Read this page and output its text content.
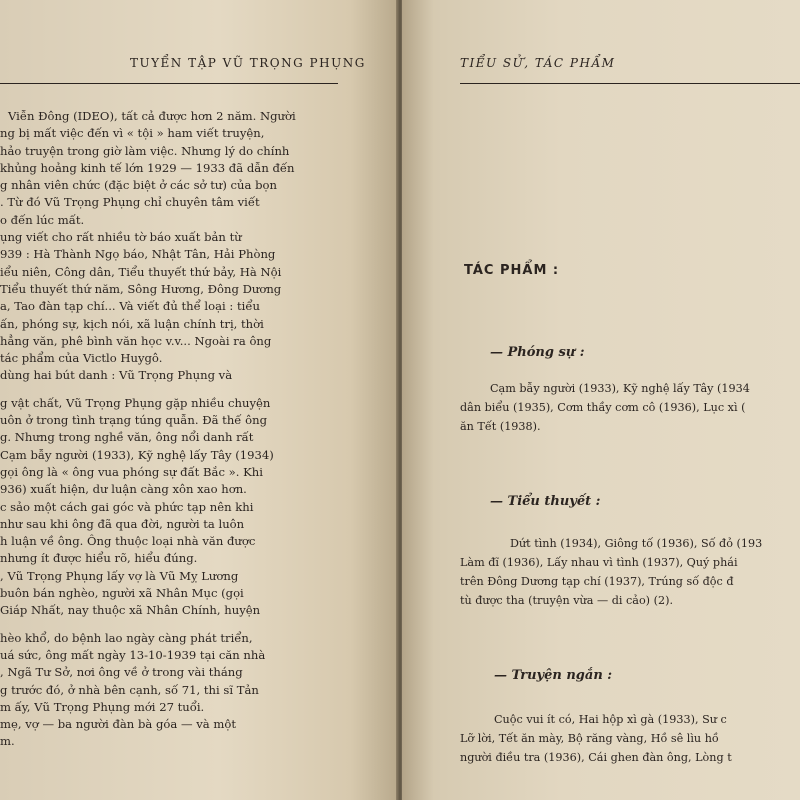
TUYỂN TẬP VŨ TRỌNG PHỤNG
Viễn Đông (IDEO), tất cả được hơn 2 năm. Người
ng bị mất việc đến vì « tội » ham viết truyện,
hảo truyện trong giờ làm việc. Nhưng lý do chính
khủng hoảng kinh tế lớn 1929 — 1933 đã dẫn đến
g nhân viên chức (đặc biệt ở các sở tư) của bọn
. Từ đó Vũ Trọng Phụng chỉ chuyên tâm viết
o đến lúc mất.
ụng viết cho rất nhiều tờ báo xuất bản từ
939 : Hà Thành Ngọ báo, Nhật Tân, Hải Phòng
iểu niên, Công dân, Tiểu thuyết thứ bảy, Hà Nội
Tiểu thuyết thứ năm, Sông Hương, Đông Dương
a, Tao đàn tạp chí... Và viết đủ thể loại : tiểu
ấn, phóng sự, kịch nói, xã luận chính trị, thời
hẳng văn, phê bình văn học v.v... Ngoài ra ông
tác phẩm của Victlo Huygô.
dùng hai bút danh : Vũ Trọng Phụng và
g vật chất, Vũ Trọng Phụng gặp nhiều chuyện
uôn ở trong tình trạng túng quẫn. Đã thế ông
g. Nhưng trong nghề văn, ông nổi danh rất
Cạm bẫy người (1933), Kỹ nghệ lấy Tây (1934)
gọi ông là « ông vua phóng sự đất Bắc ». Khi
936) xuất hiện, dư luận càng xôn xao hơn.
c sảo một cách gai góc và phức tạp nên khi
như sau khi ông đã qua đời, người ta luôn
h luận về ông. Ông thuộc loại nhà văn được
nhưng ít được hiểu rõ, hiểu đúng.
, Vũ Trọng Phụng lấy vợ là Vũ Mỵ Lương
buôn bán nghèo, người xã Nhân Mục (gọi
Giáp Nhất, nay thuộc xã Nhân Chính, huyện
hèo khổ, do bệnh lao ngày càng phát triển,
uá sức, ông mất ngày 13-10-1939 tại căn nhà
, Ngã Tư Sở, nơi ông về ở trong vài tháng
g trước đó, ở nhà bên cạnh, số 71, thi sĩ Tản
m ấy, Vũ Trọng Phụng mới 27 tuổi.
mẹ, vợ — ba người đàn bà góa — và một
m.
TIỂU SỬ, TÁC PHẨM
TÁC PHẨM :
— Phóng sự :
Cạm bẫy người (1933), Kỹ nghệ lấy Tây (1934
dân biểu (1935), Cơm thầy cơm cô (1936), Lục xì (
ăn Tết (1938).
— Tiểu thuyết :
Dứt tình (1934), Giông tố (1936), Số đỏ (193
Làm đĩ (1936), Lấy nhau vì tình (1937), Quý phái
trên Đông Dương tạp chí (1937), Trúng số độc đ
tù được tha (truyện vừa — di cảo) (2).
— Truyện ngắn :
Cuộc vui ít có, Hai hộp xì gà (1933), Sư c
Lỡ lời, Tết ăn mày, Bộ răng vàng, Hồ sê lìu hồ
người điều tra (1936), Cái ghen đàn ông, Lòng t
